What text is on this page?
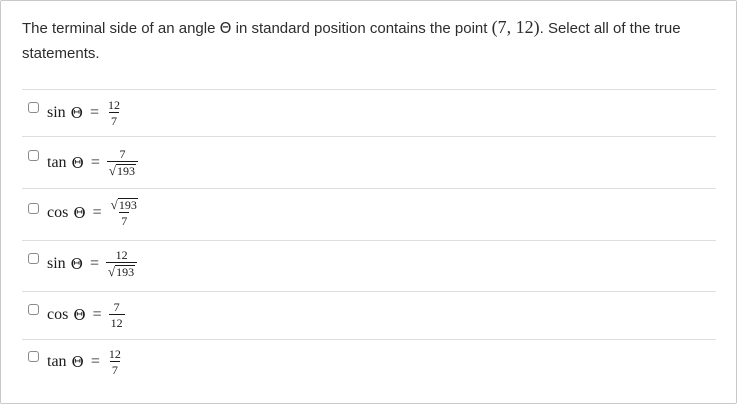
The terminal side of an angle Θ in standard position contains the point (7, 12). Select all of the true statements.
$\sin \Theta = \frac{12}{7}$
$\tan \Theta = \frac{7}{√ 193}$
$\cos \Theta = \frac{√ 193}{7}$
$\sin \Theta = \frac{12}{√ 193}$
$\cos \Theta = \frac{7}{12}$
$\tan \Theta = \frac{12}{7}$
